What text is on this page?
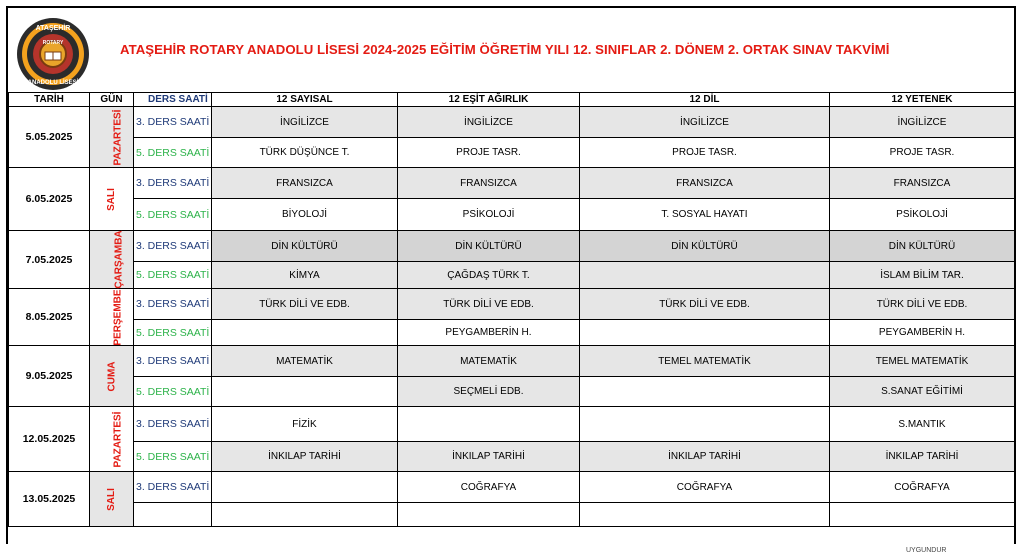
ATAŞEHİR
ROTARY
ANADOLU LİSESİ
ATAŞEHİR ROTARY ANADOLU LİSESİ 2024-2025 EĞİTİM ÖĞRETİM YILI 12. SINIFLAR 2. DÖNEM 2. ORTAK SINAV TAKVİMİ
TARİH	GÜN	DERS SAATİ	12 SAYISAL	12 EŞİT AĞIRLIK	12 DİL	12 YETENEK
5.05.2025	PAZARTESİ	3. DERS SAATİ	İNGİLİZCE	İNGİLİZCE	İNGİLİZCE	İNGİLİZCE
		5. DERS SAATİ	TÜRK DÜŞÜNCE T.	PROJE TASR.	PROJE TASR.	PROJE TASR.
6.05.2025	SALI	3. DERS SAATİ	FRANSIZCA	FRANSIZCA	FRANSIZCA	FRANSIZCA
		5. DERS SAATİ	BİYOLOJİ	PSİKOLOJİ	T. SOSYAL HAYATI	PSİKOLOJİ
7.05.2025	ÇARŞAMBA	3. DERS SAATİ	DİN KÜLTÜRÜ	DİN KÜLTÜRÜ	DİN KÜLTÜRÜ	DİN KÜLTÜRÜ
		5. DERS SAATİ	KİMYA	ÇAĞDAŞ TÜRK T.		İSLAM BİLİM TAR.
8.05.2025	PERŞEMBE	3. DERS SAATİ	TÜRK DİLİ VE EDB.	TÜRK DİLİ VE EDB.	TÜRK DİLİ VE EDB.	TÜRK DİLİ VE EDB.
		5. DERS SAATİ		PEYGAMBERİN H.		PEYGAMBERİN H.
9.05.2025	CUMA	3. DERS SAATİ	MATEMATİK	MATEMATİK	TEMEL MATEMATİK	TEMEL MATEMATİK
		5. DERS SAATİ		SEÇMELİ EDB.		S.SANAT EĞİTİMİ
12.05.2025	PAZARTESİ	3. DERS SAATİ	FİZİK			S.MANTIK
		5. DERS SAATİ	İNKILAP TARİHİ	İNKILAP TARİHİ	İNKILAP TARİHİ	İNKILAP TARİHİ
13.05.2025	SALI	3. DERS SAATİ		COĞRAFYA	COĞRAFYA	COĞRAFYA

UYGUNDUR
